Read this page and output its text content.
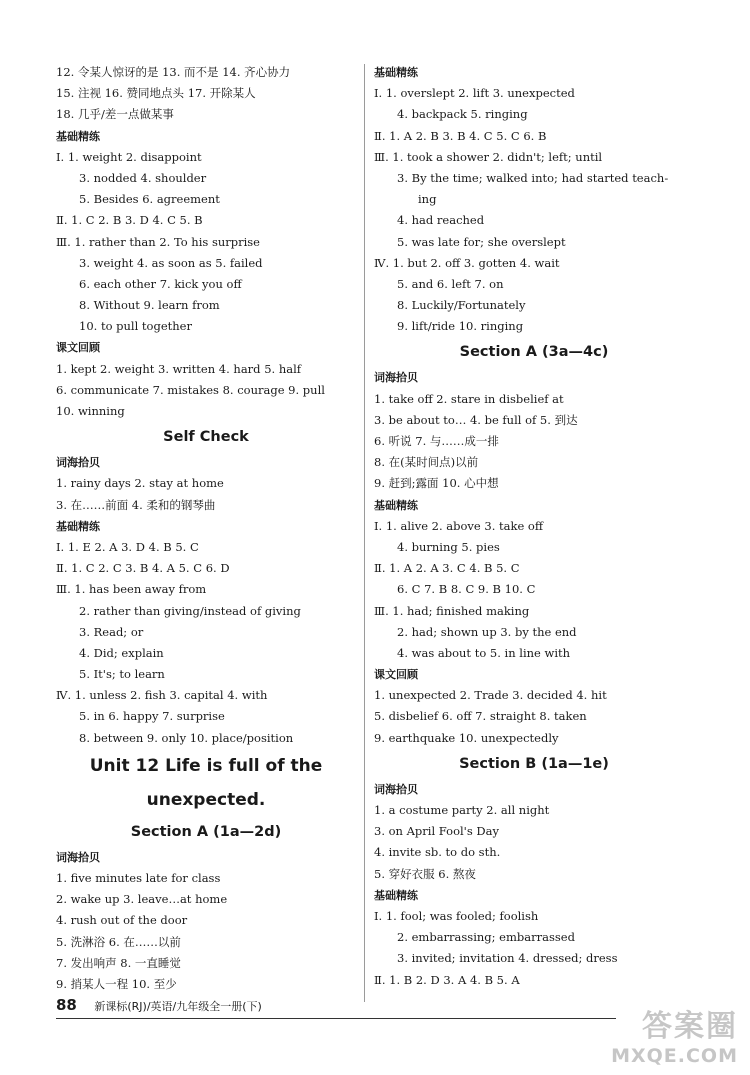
12. 令某人惊讶的是 13. 而不是 14. 齐心协力
15. 注视 16. 赞同地点头 17. 开除某人
18. 几乎/差一点做某事
基础精练
Ⅰ. 1. weight 2. disappoint
3. nodded 4. shoulder
5. Besides 6. agreement
Ⅱ. 1. C 2. B 3. D 4. C 5. B
Ⅲ. 1. rather than 2. To his surprise
3. weight 4. as soon as 5. failed
6. each other 7. kick you off
8. Without 9. learn from
10. to pull together
课文回顾
1. kept 2. weight 3. written 4. hard 5. half
6. communicate 7. mistakes 8. courage 9. pull
10. winning
Self Check
词海拾贝
1. rainy days 2. stay at home
3. 在……前面 4. 柔和的钢琴曲
基础精练
Ⅰ. 1. E 2. A 3. D 4. B 5. C
Ⅱ. 1. C 2. C 3. B 4. A 5. C 6. D
Ⅲ. 1. has been away from
2. rather than giving/instead of giving
3. Read; or
4. Did; explain
5. It's; to learn
Ⅳ. 1. unless 2. fish 3. capital 4. with
5. in 6. happy 7. surprise
8. between 9. only 10. place/position
Unit 12 Life is full of the
unexpected.
Section A (1a—2d)
词海拾贝
1. five minutes late for class
2. wake up 3. leave…at home
4. rush out of the door
5. 洗淋浴 6. 在……以前
7. 发出响声 8. 一直睡觉
9. 捎某人一程 10. 至少
基础精练
Ⅰ. 1. overslept 2. lift 3. unexpected
4. backpack 5. ringing
Ⅱ. 1. A 2. B 3. B 4. C 5. C 6. B
Ⅲ. 1. took a shower 2. didn't; left; until
3. By the time; walked into; had started teach-
ing
4. had reached
5. was late for; she overslept
Ⅳ. 1. but 2. off 3. gotten 4. wait
5. and 6. left 7. on
8. Luckily/Fortunately
9. lift/ride 10. ringing
Section A (3a—4c)
词海拾贝
1. take off 2. stare in disbelief at
3. be about to… 4. be full of 5. 到达
6. 听说 7. 与……成一排
8. 在(某时间点)以前
9. 赶到;露面 10. 心中想
基础精练
Ⅰ. 1. alive 2. above 3. take off
4. burning 5. pies
Ⅱ. 1. A 2. A 3. C 4. B 5. C
6. C 7. B 8. C 9. B 10. C
Ⅲ. 1. had; finished making
2. had; shown up 3. by the end
4. was about to 5. in line with
课文回顾
1. unexpected 2. Trade 3. decided 4. hit
5. disbelief 6. off 7. straight 8. taken
9. earthquake 10. unexpectedly
Section B (1a—1e)
词海拾贝
1. a costume party 2. all night
3. on April Fool's Day
4. invite sb. to do sth.
5. 穿好衣服 6. 熬夜
基础精练
Ⅰ. 1. fool; was fooled; foolish
2. embarrassing; embarrassed
3. invited; invitation 4. dressed; dress
Ⅱ. 1. B 2. D 3. A 4. B 5. A
88 新课标(RJ)/英语/九年级全一册(下)
答案圈
MXQE.COM
